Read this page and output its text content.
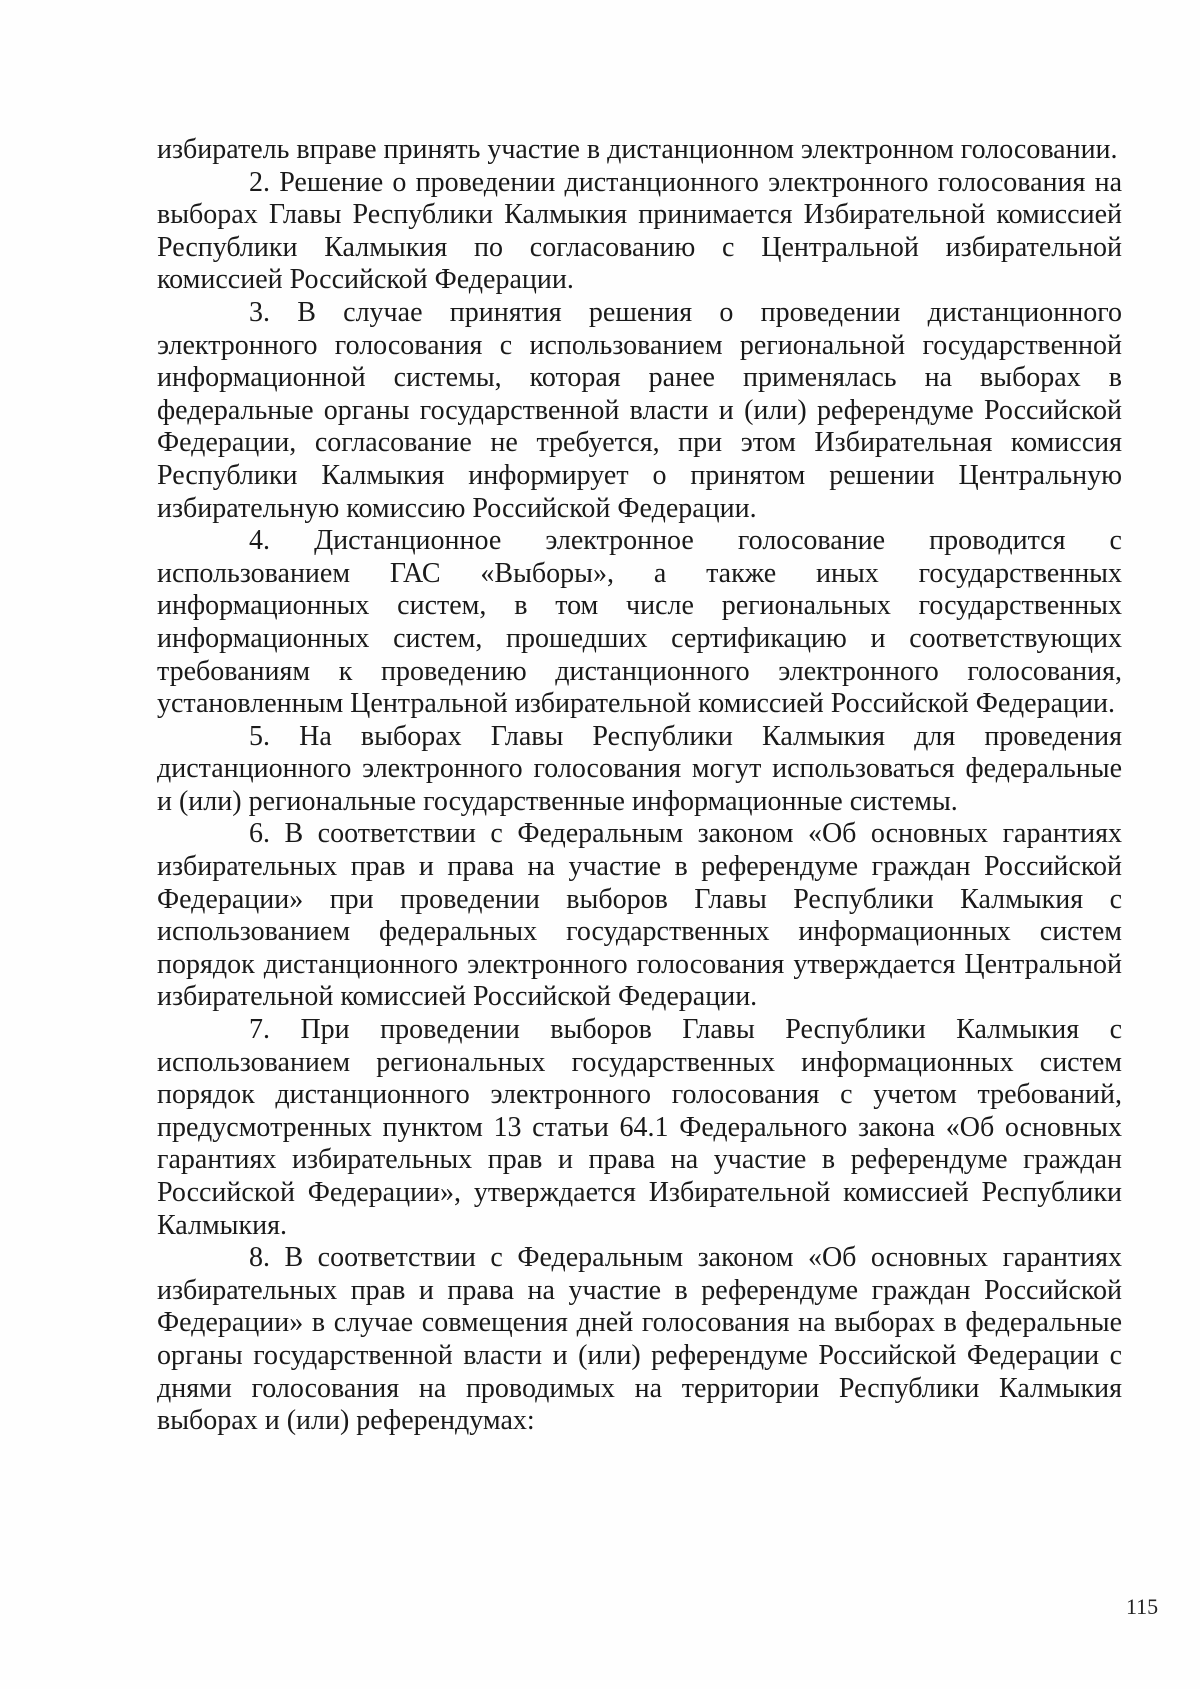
избиратель вправе принять участие в дистанционном электронном голосовании.

2. Решение о проведении дистанционного электронного голосования на выборах Главы Республики Калмыкия принимается Избирательной комиссией Республики Калмыкия по согласованию с Центральной избирательной комиссией Российской Федерации.

3. В случае принятия решения о проведении дистанционного электронного голосования с использованием региональной государственной информационной системы, которая ранее применялась на выборах в федеральные органы государственной власти и (или) референдуме Российской Федерации, согласование не требуется, при этом Избирательная комиссия Республики Калмыкия информирует о принятом решении Центральную избирательную комиссию Российской Федерации.

4. Дистанционное электронное голосование проводится с использованием ГАС «Выборы», а также иных государственных информационных систем, в том числе региональных государственных информационных систем, прошедших сертификацию и соответствующих требованиям к проведению дистанционного электронного голосования, установленным Центральной избирательной комиссией Российской Федерации.

5. На выборах Главы Республики Калмыкия для проведения дистанционного электронного голосования могут использоваться федеральные и (или) региональные государственные информационные системы.

6. В соответствии с Федеральным законом «Об основных гарантиях избирательных прав и права на участие в референдуме граждан Российской Федерации» при проведении выборов Главы Республики Калмыкия с использованием федеральных государственных информационных систем порядок дистанционного электронного голосования утверждается Центральной избирательной комиссией Российской Федерации.

7. При проведении выборов Главы Республики Калмыкия с использованием региональных государственных информационных систем порядок дистанционного электронного голосования с учетом требований, предусмотренных пунктом 13 статьи 64.1 Федерального закона «Об основных гарантиях избирательных прав и права на участие в референдуме граждан Российской Федерации», утверждается Избирательной комиссией Республики Калмыкия.

8. В соответствии с Федеральным законом «Об основных гарантиях избирательных прав и права на участие в референдуме граждан Российской Федерации» в случае совмещения дней голосования на выборах в федеральные органы государственной власти и (или) референдуме Российской Федерации с днями голосования на проводимых на территории Республики Калмыкия выборах и (или) референдумах:

115
